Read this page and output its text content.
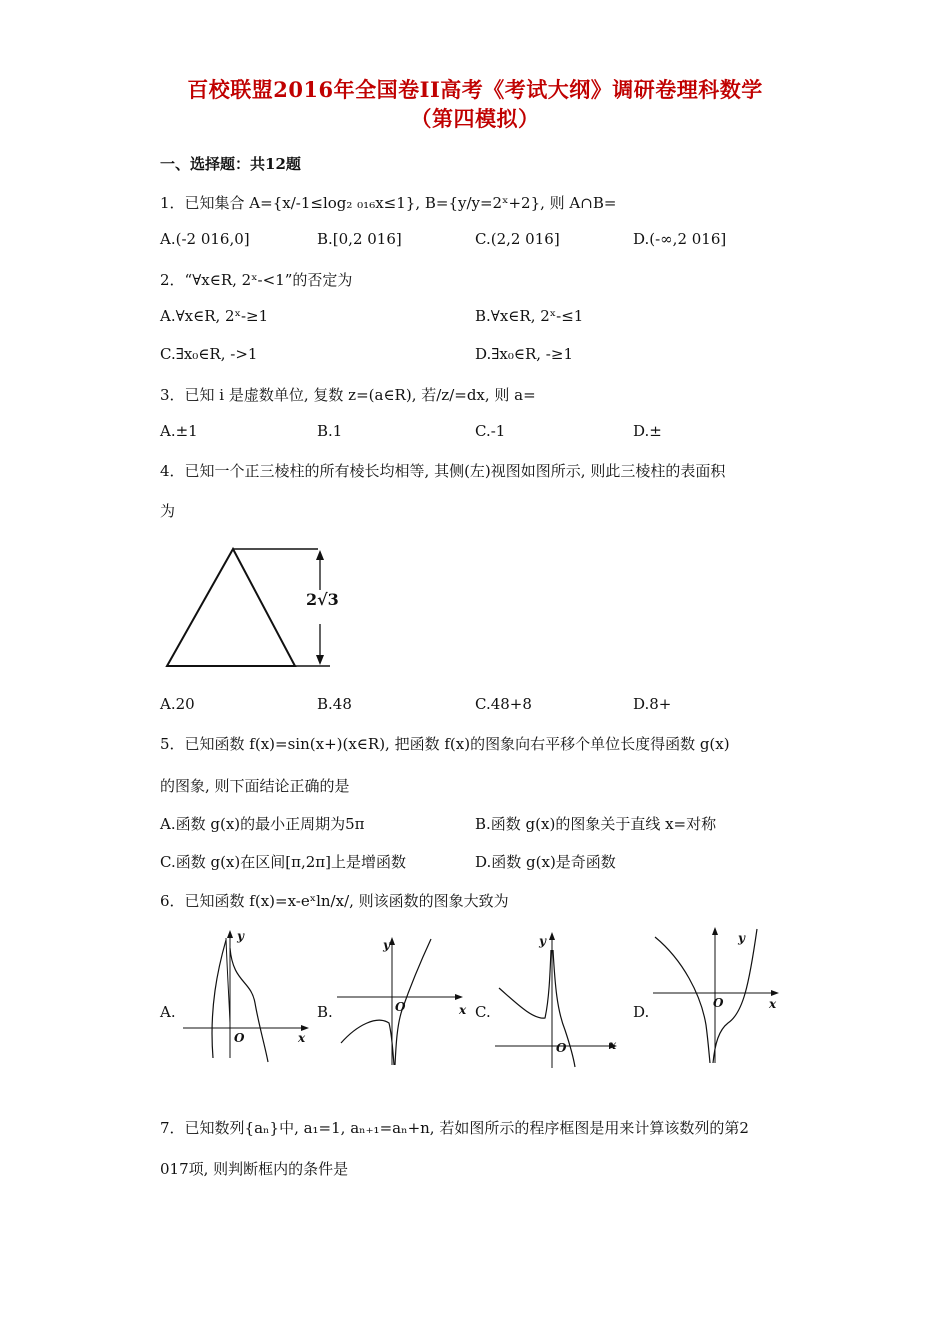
百校联盟2016年全国卷II高考《考试大纲》调研卷理科数学
（第四模拟）
一、选择题：共12题
1．已知集合 A={x/-1≤log₂ ₀₁₆x≤1}, B={y/y=2ˣ+2}, 则 A∩B=
A.(-2 016,0]	B.[0,2 016]	C.(2,2 016]	D.(-∞,2 016]
2．“∀x∈R, 2ˣ-<1”的否定为
A.∀x∈R, 2ˣ-≥1	B.∀x∈R, 2ˣ-≤1
C.∃x₀∈R, ->1	D.∃x₀∈R, -≥1
3．已知 i 是虚数单位, 复数 z=(a∈R), 若/z/=dx, 则 a=
A.±1	B.1	C.-1	D.±
4．已知一个正三棱柱的所有棱长均相等, 其侧(左)视图如图所示, 则此三棱柱的表面积
为
2√3
A.20	B.48	C.48+8	D.8+
5．已知函数 f(x)=sin(x+)(x∈R), 把函数 f(x)的图象向右平移个单位长度得函数 g(x)
的图象, 则下面结论正确的是
A.函数 g(x)的最小正周期为5π	B.函数 g(x)的图象关于直线 x=对称
C.函数 g(x)在区间[π,2π]上是增函数	D.函数 g(x)是奇函数
6．已知函数 f(x)=x-eˣln/x/, 则该函数的图象大致为
A.
y
x
O
B.
y
x
O	C.
y
x
O
D.
y
x
O
7．已知数列{aₙ}中, a₁=1, aₙ₊₁=aₙ+n, 若如图所示的程序框图是用来计算该数列的第2
017项, 则判断框内的条件是
